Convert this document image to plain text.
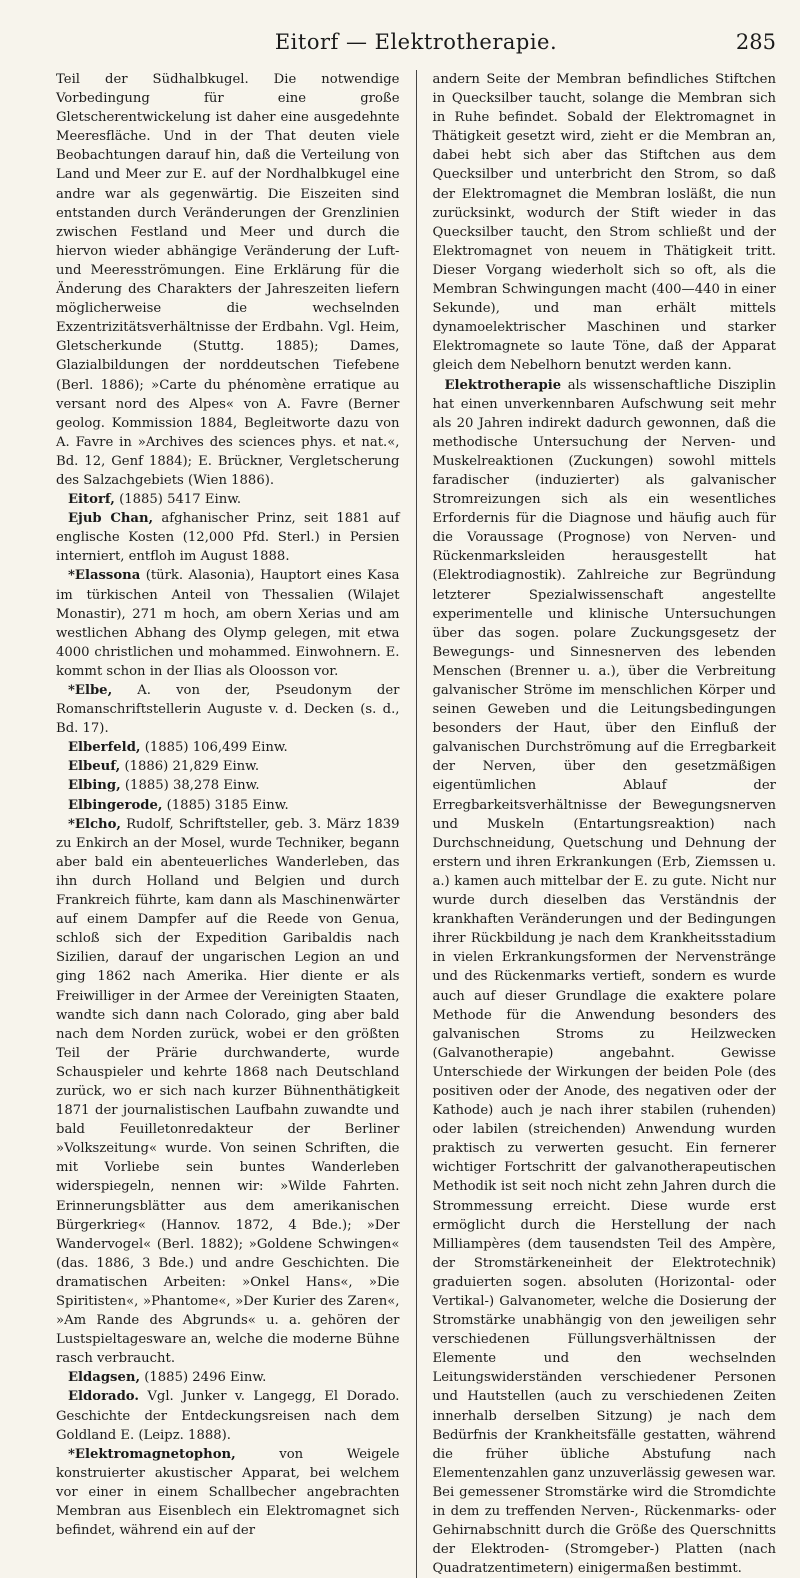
Eitorf — Elektrotherapie.	285

Teil der Südhalbkugel. Die notwendige Vorbedingung für eine große Gletscherentwickelung ist daher eine ausgedehnte Meeresfläche. Und in der That deuten viele Beobachtungen darauf hin, daß die Verteilung von Land und Meer zur E. auf der Nordhalbkugel eine andre war als gegenwärtig. Die Eiszeiten sind entstanden durch Veränderungen der Grenzlinien zwischen Festland und Meer und durch die hiervon wieder abhängige Veränderung der Luft- und Meeresströmungen. Eine Erklärung für die Änderung des Charakters der Jahreszeiten liefern möglicherweise die wechselnden Exzentrizitätsverhältnisse der Erdbahn. Vgl. Heim, Gletscherkunde (Stuttg. 1885); Dames, Glazialbildungen der norddeutschen Tiefebene (Berl. 1886); »Carte du phénomène erratique au versant nord des Alpes« von A. Favre (Berner geolog. Kommission 1884, Begleitworte dazu von A. Favre in »Archives des sciences phys. et nat.«, Bd. 12, Genf 1884); E. Brückner, Vergletscherung des Salzachgebiets (Wien 1886).

Eitorf, (1885) 5417 Einw.

Ejub Chan, afghanischer Prinz, seit 1881 auf englische Kosten (12,000 Pfd. Sterl.) in Persien interniert, entfloh im August 1888.

*Elassona (türk. Alasonia), Hauptort eines Kasa im türkischen Anteil von Thessalien (Wilajet Monastir), 271 m hoch, am obern Xerias und am westlichen Abhang des Olymp gelegen, mit etwa 4000 christlichen und mohammed. Einwohnern. E. kommt schon in der Ilias als Oloosson vor.

*Elbe, A. von der, Pseudonym der Romanschriftstellerin Auguste v. d. Decken (s. d., Bd. 17).

Elberfeld, (1885) 106,499 Einw.

Elbeuf, (1886) 21,829 Einw.

Elbing, (1885) 38,278 Einw.

Elbingerode, (1885) 3185 Einw.

*Elcho, Rudolf, Schriftsteller, geb. 3. März 1839 zu Enkirch an der Mosel, wurde Techniker, begann aber bald ein abenteuerliches Wanderleben, das ihn durch Holland und Belgien und durch Frankreich führte, kam dann als Maschinenwärter auf einem Dampfer auf die Reede von Genua, schloß sich der Expedition Garibaldis nach Sizilien, darauf der ungarischen Legion an und ging 1862 nach Amerika. Hier diente er als Freiwilliger in der Armee der Vereinigten Staaten, wandte sich dann nach Colorado, ging aber bald nach dem Norden zurück, wobei er den größten Teil der Prärie durchwanderte, wurde Schauspieler und kehrte 1868 nach Deutschland zurück, wo er sich nach kurzer Bühnenthätigkeit 1871 der journalistischen Laufbahn zuwandte und bald Feuilletonredakteur der Berliner »Volkszeitung« wurde. Von seinen Schriften, die mit Vorliebe sein buntes Wanderleben widerspiegeln, nennen wir: »Wilde Fahrten. Erinnerungsblätter aus dem amerikanischen Bürgerkrieg« (Hannov. 1872, 4 Bde.); »Der Wandervogel« (Berl. 1882); »Goldene Schwingen« (das. 1886, 3 Bde.) und andre Geschichten. Die dramatischen Arbeiten: »Onkel Hans«, »Die Spiritisten«, »Phantome«, »Der Kurier des Zaren«, »Am Rande des Abgrunds« u. a. gehören der Lustspieltagesware an, welche die moderne Bühne rasch verbraucht.

Eldagsen, (1885) 2496 Einw.

Eldorado. Vgl. Junker v. Langegg, El Dorado. Geschichte der Entdeckungsreisen nach dem Goldland E. (Leipz. 1888).

*Elektromagnetophon,	von Weigele konstruierter akustischer Apparat, bei welchem vor einer in einem Schallbecher angebrachten Membran aus Eisenblech ein Elektromagnet sich befindet, während ein auf der

andern Seite der Membran befindliches Stiftchen in Quecksilber taucht, solange die Membran sich in Ruhe befindet. Sobald der Elektromagnet in Thätigkeit gesetzt wird, zieht er die Membran an, dabei hebt sich aber das Stiftchen aus dem Quecksilber und unterbricht den Strom, so daß der Elektromagnet die Membran losläßt, die nun zurücksinkt, wodurch der Stift wieder in das Quecksilber taucht, den Strom schließt und der Elektromagnet von neuem in Thätigkeit tritt. Dieser Vorgang wiederholt sich so oft, als die Membran Schwingungen macht (400—440 in einer Sekunde), und man erhält mittels dynamoelektrischer Maschinen und starker Elektromagnete so laute Töne, daß der Apparat gleich dem Nebelhorn benutzt werden kann.

Elektrotherapie als wissenschaftliche Disziplin hat einen unverkennbaren Aufschwung seit mehr als 20 Jahren indirekt dadurch gewonnen, daß die methodische Untersuchung der Nerven- und Muskelreaktionen (Zuckungen) sowohl mittels faradischer (induzierter) als galvanischer Stromreizungen sich als ein wesentliches Erfordernis für die Diagnose und häufig auch für die Voraussage (Prognose) von Nerven- und Rückenmarksleiden herausgestellt hat (Elektrodiagnostik). Zahlreiche zur Begründung letzterer Spezialwissenschaft angestellte experimentelle und klinische Untersuchungen über das sogen. polare Zuckungsgesetz der Bewegungs- und Sinnesnerven des lebenden Menschen (Brenner u. a.), über die Verbreitung galvanischer Ströme im menschlichen Körper und seinen Geweben und die Leitungsbedingungen besonders der Haut, über den Einfluß der galvanischen Durchströmung auf die Erregbarkeit der Nerven, über den gesetzmäßigen eigentümlichen Ablauf der Erregbarkeitsverhältnisse der Bewegungsnerven und Muskeln (Entartungsreaktion) nach Durchschneidung, Quetschung und Dehnung der erstern und ihren Erkrankungen (Erb, Ziemssen u. a.) kamen auch mittelbar der E. zu gute. Nicht nur wurde durch dieselben das Verständnis der krankhaften Veränderungen und der Bedingungen ihrer Rückbildung je nach dem Krankheitsstadium in vielen Erkrankungsformen der Nervenstränge und des Rückenmarks vertieft, sondern es wurde auch auf dieser Grundlage die exaktere polare Methode für die Anwendung besonders des galvanischen Stroms zu Heilzwecken (Galvanotherapie) angebahnt. Gewisse Unterschiede der Wirkungen der beiden Pole (des positiven oder der Anode, des negativen oder der Kathode) auch je nach ihrer stabilen (ruhenden) oder labilen (streichenden) Anwendung wurden praktisch zu verwerten gesucht. Ein fernerer wichtiger Fortschritt der galvanotherapeutischen Methodik ist seit noch nicht zehn Jahren durch die Strommessung erreicht. Diese wurde erst ermöglicht durch die Herstellung der nach Milliampères (dem tausendsten Teil des Ampère, der Stromstärkeneinheit der Elektrotechnik) graduierten sogen. absoluten (Horizontal- oder Vertikal-) Galvanometer, welche die Dosierung der Stromstärke unabhängig von den jeweiligen sehr verschiedenen Füllungsverhältnissen der Elemente und den wechselnden Leitungswiderständen verschiedener Personen und Hautstellen (auch zu verschiedenen Zeiten innerhalb derselben Sitzung) je nach dem Bedürfnis der Krankheitsfälle gestatten, während die früher übliche Abstufung nach Elementenzahlen ganz unzuverlässig gewesen war. Bei gemessener Stromstärke wird die Stromdichte in dem zu treffenden Nerven-, Rückenmarks- oder Gehirnabschnitt durch die Größe des Querschnitts der Elektroden- (Stromgeber-) Platten (nach Quadratzentimetern) einigermaßen bestimmt.
